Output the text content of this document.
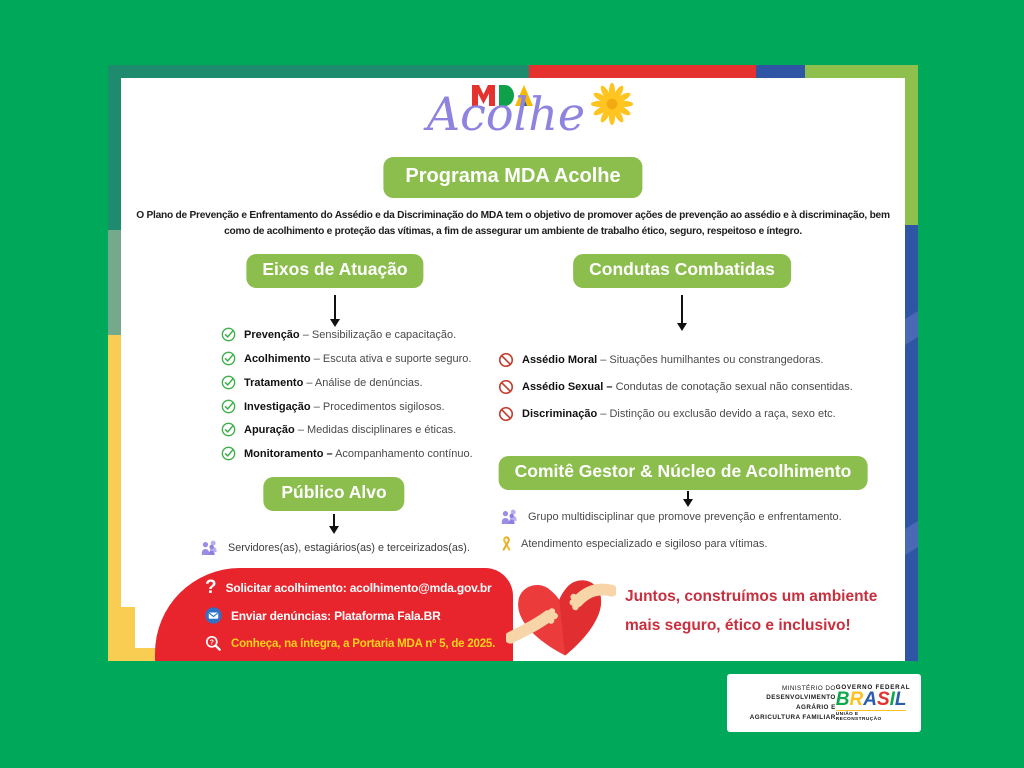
Acolhe
Programa MDA Acolhe

O Plano de Prevenção e Enfrentamento do Assédio e da Discriminação do MDA tem o objetivo de promover ações de prevenção ao assédio e à discriminação, bem como de acolhimento e proteção das vítimas, a fim de assegurar um ambiente de trabalho ético, seguro, respeitoso e íntegro.

Eixos de Atuação
Prevenção – Sensibilização e capacitação.
Acolhimento – Escuta ativa e suporte seguro.
Tratamento – Análise de denúncias.
Investigação – Procedimentos sigilosos.
Apuração – Medidas disciplinares e éticas.
Monitoramento – Acompanhamento contínuo.
Condutas Combatidas
Assédio Moral – Situações humilhantes ou constrangedoras.
Assédio Sexual – Condutas de conotação sexual não consentidas.
Discriminação – Distinção ou exclusão devido a raça, sexo etc.
Comitê Gestor & Núcleo de Acolhimento
Grupo multidisciplinar que promove prevenção e enfrentamento.
Atendimento especializado e sigiloso para vítimas.
Público Alvo
Servidores(as), estagiários(as) e terceirizados(as).
? Solicitar acolhimento: acolhimento@mda.gov.br
Enviar denúncias: Plataforma Fala.BR
? Conheça, na íntegra, a Portaria MDA nº 5, de 2025.
Juntos, construímos um ambiente
mais seguro, ético e inclusivo!
MINISTÉRIO DO
DESENVOLVIMENTO
AGRÁRIO E
AGRICULTURA FAMILIAR
GOVERNO FEDERAL
BRASIL
UNIÃO E RECONSTRUÇÃO
